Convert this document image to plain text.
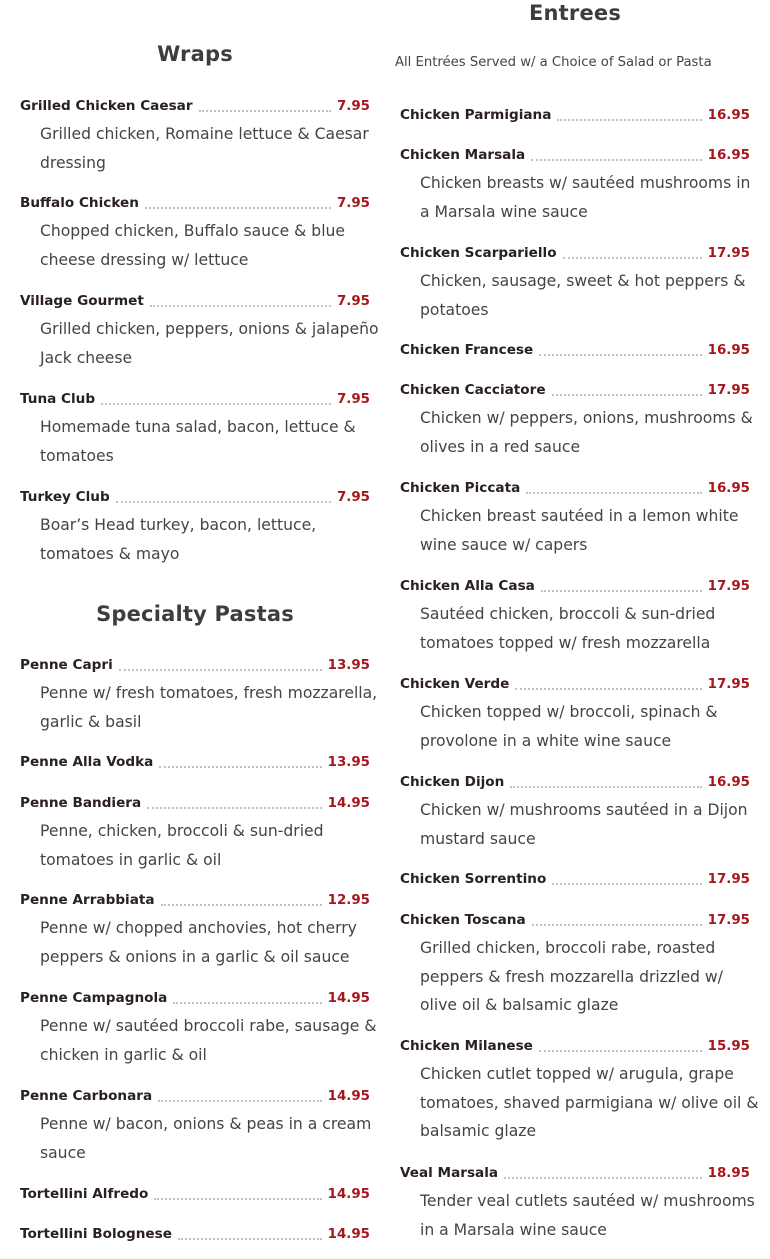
Wraps
Grilled Chicken Caesar	7.95
Grilled chicken, Romaine lettuce & Caesar dressing
Buffalo Chicken	7.95
Chopped chicken, Buffalo sauce & blue cheese dressing w/ lettuce
Village Gourmet	7.95
Grilled chicken, peppers, onions & jalapeño Jack cheese
Tuna Club	7.95
Homemade tuna salad, bacon, lettuce & tomatoes
Turkey Club	7.95
Boar’s Head turkey, bacon, lettuce, tomatoes & mayo
Specialty Pastas
Penne Capri	13.95
Penne w/ fresh tomatoes, fresh mozzarella, garlic & basil
Penne Alla Vodka	13.95
Penne Bandiera	14.95
Penne, chicken, broccoli & sun-dried tomatoes in garlic & oil
Penne Arrabbiata	12.95
Penne w/ chopped anchovies, hot cherry peppers & onions in a garlic & oil sauce
Penne Campagnola	14.95
Penne w/ sautéed broccoli rabe, sausage & chicken in garlic & oil
Penne Carbonara	14.95
Penne w/ bacon, onions & peas in a cream sauce
Tortellini Alfredo	14.95
Tortellini Bolognese	14.95
Entrees
All Entrées Served w/ a Choice of Salad or Pasta
Chicken Parmigiana	16.95
Chicken Marsala	16.95
Chicken breasts w/ sautéed mushrooms in a Marsala wine sauce
Chicken Scarpariello	17.95
Chicken, sausage, sweet & hot peppers & potatoes
Chicken Francese	16.95
Chicken Cacciatore	17.95
Chicken w/ peppers, onions, mushrooms & olives in a red sauce
Chicken Piccata	16.95
Chicken breast sautéed in a lemon white wine sauce w/ capers
Chicken Alla Casa	17.95
Sautéed chicken, broccoli & sun-dried tomatoes topped w/ fresh mozzarella
Chicken Verde	17.95
Chicken topped w/ broccoli, spinach & provolone in a white wine sauce
Chicken Dijon	16.95
Chicken w/ mushrooms sautéed in a Dijon mustard sauce
Chicken Sorrentino	17.95
Chicken Toscana	17.95
Grilled chicken, broccoli rabe, roasted peppers & fresh mozzarella drizzled w/ olive oil & balsamic glaze
Chicken Milanese	15.95
Chicken cutlet topped w/ arugula, grape tomatoes, shaved parmigiana w/ olive oil & balsamic glaze
Veal Marsala	18.95
Tender veal cutlets sautéed w/ mushrooms in a Marsala wine sauce
